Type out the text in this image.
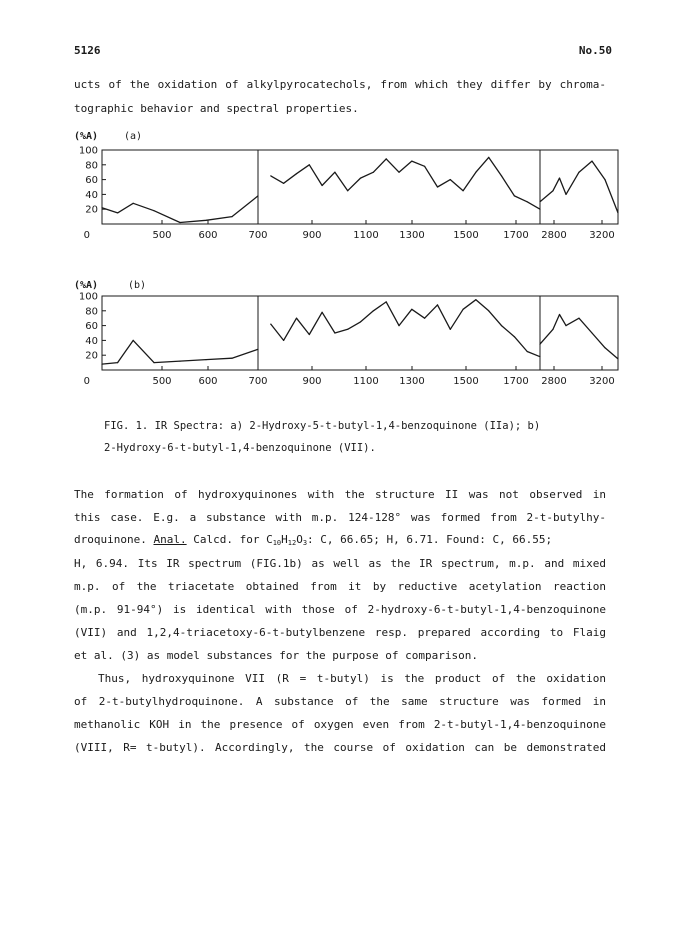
5126	No.50
ucts of the oxidation of alkylpyrocatechols, from which they differ by chroma-
tographic behavior and spectral properties.
(%A)	(a)
20
40
60
80
100
0	500	600	700	900	1100 1300	1500 1700 2800 3200
(%A)	(b)
20
40
60
80
100
0	500	600	700	900	1100 1300	1500 1700 2800 3200
FIG. 1. IR Spectra: a) 2-Hydroxy-5-t-butyl-1,4-benzoquinone (IIa); b)
2-Hydroxy-6-t-butyl-1,4-benzoquinone (VII).
The formation of hydroxyquinones with the structure II was not observed in
this case. E.g. a substance with m.p. 124-128° was formed from 2-t-butylhy-
droquinone. Anal. Calcd. for $C_{10}H_{12}O_3$: C, 66.65; H, 6.71. Found: C, 66.55;
H, 6.94. Its IR spectrum (FIG.1b) as well as the IR spectrum, m.p. and mixed
m.p. of the triacetate obtained from it by reductive acetylation reaction
(m.p. 91-94°) is identical with those of 2-hydroxy-6-t-butyl-1,4-benzoquinone
(VII) and 1,2,4-triacetoxy-6-t-butylbenzene resp. prepared according to Flaig
et al. (3) as model substances for the purpose of comparison.
Thus, hydroxyquinone VII (R = t-butyl) is the product of the oxidation
of 2-t-butylhydroquinone. A substance of the same structure was formed in
methanolic KOH in the presence of oxygen even from 2-t-butyl-1,4-benzoquinone
(VIII, R= t-butyl). Accordingly, the course of oxidation can be demonstrated
